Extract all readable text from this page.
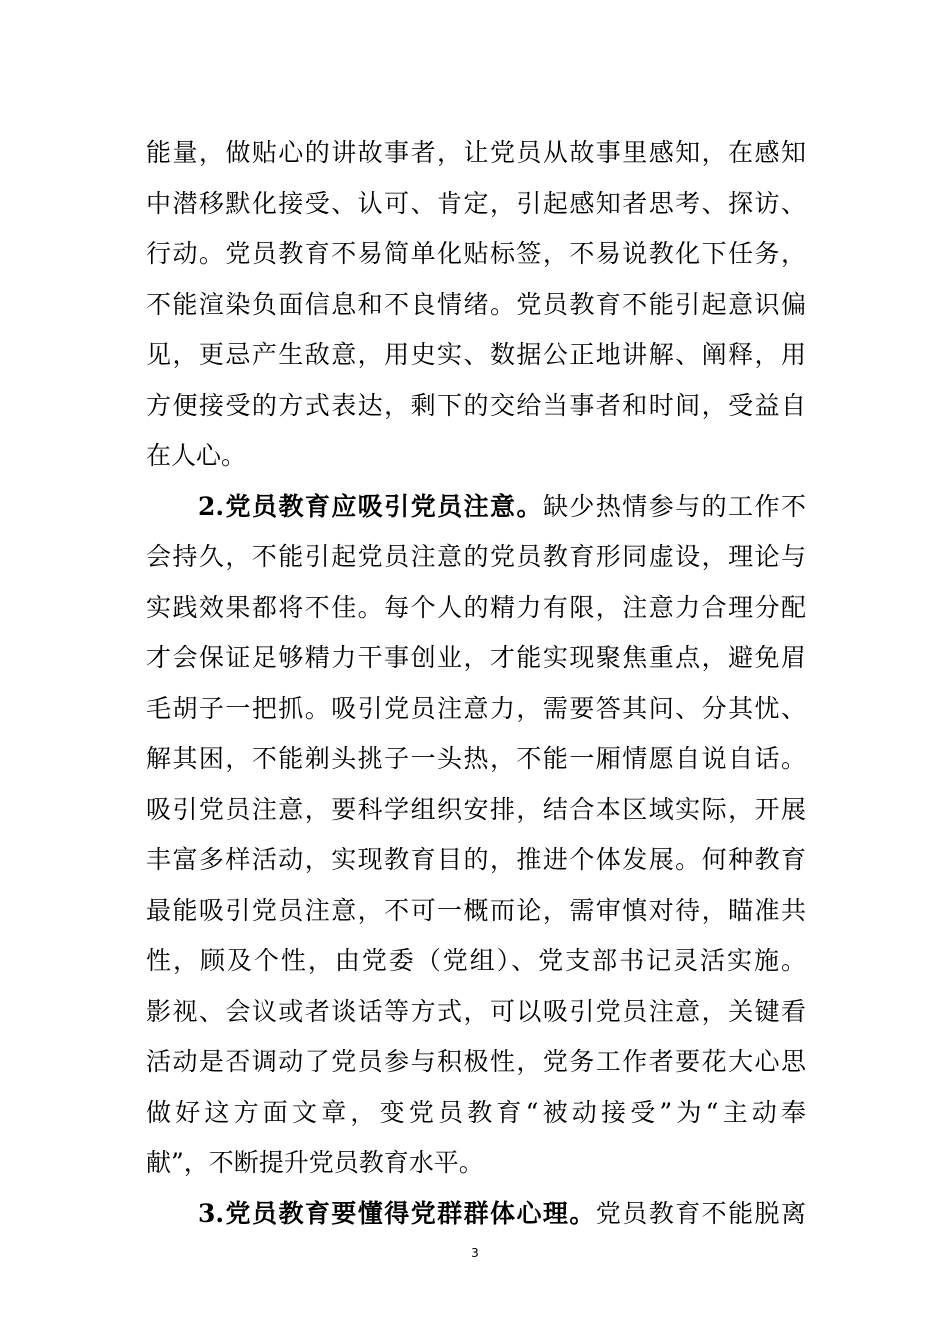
能量，做贴心的讲故事者，让党员从故事里感知，在感知
中潜移默化接受、认可、肯定，引起感知者思考、探访、
行动。党员教育不易简单化贴标签，不易说教化下任务，
不能渲染负面信息和不良情绪。党员教育不能引起意识偏
见，更忌产生敌意，用史实、数据公正地讲解、阐释，用
方便接受的方式表达，剩下的交给当事者和时间，受益自
在人心。
2.党员教育应吸引党员注意。缺少热情参与的工作不
会持久，不能引起党员注意的党员教育形同虚设，理论与
实践效果都将不佳。每个人的精力有限，注意力合理分配
才会保证足够精力干事创业，才能实现聚焦重点，避免眉
毛胡子一把抓。吸引党员注意力，需要答其问、分其忧、
解其困，不能剃头挑子一头热，不能一厢情愿自说自话。
吸引党员注意，要科学组织安排，结合本区域实际，开展
丰富多样活动，实现教育目的，推进个体发展。何种教育
最能吸引党员注意，不可一概而论，需审慎对待，瞄准共
性，顾及个性，由党委（党组）、党支部书记灵活实施。
影视、会议或者谈话等方式，可以吸引党员注意，关键看
活动是否调动了党员参与积极性，党务工作者要花大心思
做好这方面文章，变党员教育“被动接受”为“主动奉
献”，不断提升党员教育水平。
3.党员教育要懂得党群群体心理。党员教育不能脱离
3
